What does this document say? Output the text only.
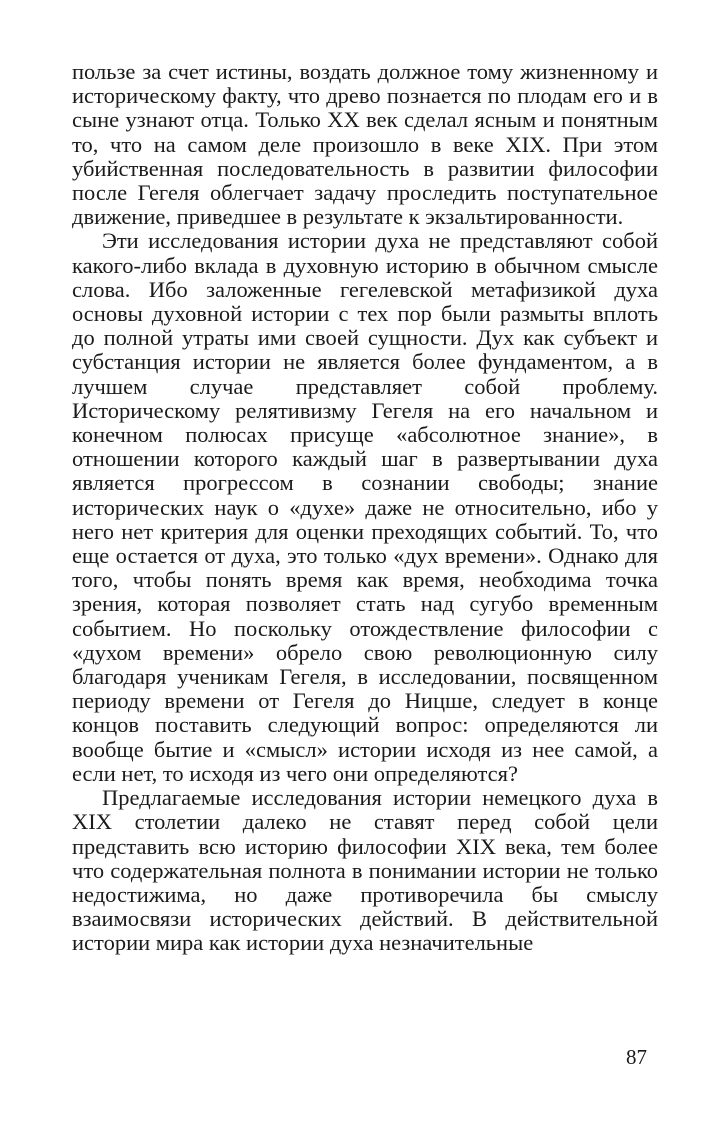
пользе за счет истины, воздать должное тому жизненному и историческому факту, что древо познается по плодам его и в сыне узнают отца. Только XX век сделал ясным и понятным то, что на самом деле произошло в веке XIX. При этом убийственная последовательность в развитии философии после Гегеля облегчает задачу проследить поступательное движение, приведшее в результате к экзальтированности.

Эти исследования истории духа не представляют собой какого-либо вклада в духовную историю в обычном смысле слова. Ибо заложенные гегелевской метафизикой духа основы духовной истории с тех пор были размыты вплоть до полной утраты ими своей сущности. Дух как субъект и субстанция истории не является более фундаментом, а в лучшем случае представляет собой проблему. Историческому релятивизму Гегеля на его начальном и конечном полюсах присуще «абсолютное знание», в отношении которого каждый шаг в развертывании духа является прогрессом в сознании свободы; знание исторических наук о «духе» даже не относительно, ибо у него нет критерия для оценки преходящих событий. То, что еще остается от духа, это только «дух времени». Однако для того, чтобы понять время как время, необходима точка зрения, которая позволяет стать над сугубо временным событием. Но поскольку отождествление философии с «духом времени» обрело свою революционную силу благодаря ученикам Гегеля, в исследовании, посвященном периоду времени от Гегеля до Ницше, следует в конце концов поставить следующий вопрос: определяются ли вообще бытие и «смысл» истории исходя из нее самой, а если нет, то исходя из чего они определяются?

Предлагаемые исследования истории немецкого духа в XIX столетии далеко не ставят перед собой цели представить всю историю философии XIX века, тем более что содержательная полнота в понимании истории не только недостижима, но даже противоречила бы смыслу взаимосвязи исторических действий. В действительной истории мира как истории духа незначительные

87
